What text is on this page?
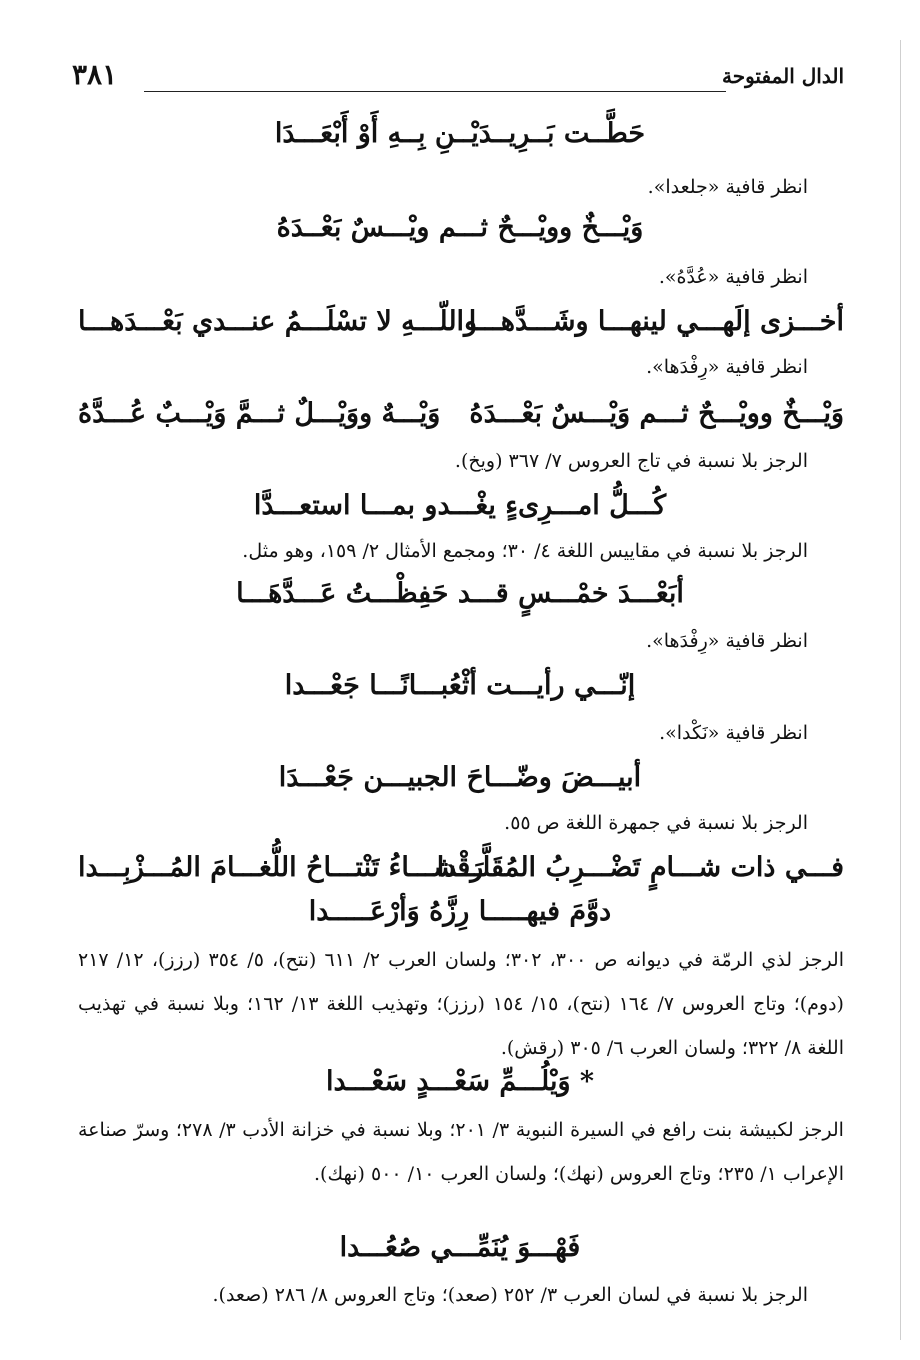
٣٨١	الدال المفتوحة
حَطَّــت بَــرِيــدَيْــنِ بِــهِ أَوْ أَبْعَـــدَا
انظر قافية «جلعدا».
وَيْـــخٌ وويْـــحٌ ثـــم ويْـــسٌ بَعْــدَهُ
انظر قافية «عُدَّهُ».
أخـــزى إلَهـــي لينهـــا وشَـــدَّهـــا
واللّـــهِ لا تسْلَـــمُ عنـــدي بَعْـــدَهـــا
انظر قافية «رِفْدَها».
وَيْـــخٌ وويْـــحٌ ثـــم وَيْـــسٌ بَعْـــدَهُ
وَيْـــهٌ ووَيْـــلٌ ثـــمَّ وَيْـــبٌ عُـــدَّهُ
الرجز بلا نسبة في تاج العروس ٧/ ٣٦٧ (ويخ).
كُـــلُّ امـــرِىءٍ يغْـــدو بمـــا استعـــدَّا
الرجز بلا نسبة في مقاييس اللغة ٤/ ٣٠؛ ومجمع الأمثال ٢/ ١٥٩، وهو مثل.
أبَعْـــدَ خمْـــسٍ قـــد حَفِظْـــتُ عَـــدَّهَـــا
انظر قافية «رِفْدَها».
إنّـــي رأيـــت أثْعُبـــانًـــا جَعْـــدا
انظر قافية «نَكْدا».
أبيـــضَ وضّـــاحَ الجبيـــن جَعْـــدَا
الرجز بلا نسبة في جمهرة اللغة ص ٥٥.
فـــي ذات شـــامٍ تَضْـــرِبُ المُقَلَّـــدا
رَقْشـــاءُ تَنْتـــاحُ اللُّغـــامَ المُـــزْبِـــدا
دوَّمَ فيهـــــا رِزَّهُ وَأرْعَـــــدا
الرجز لذي الرمّة في ديوانه ص ٣٠٠، ٣٠٢؛ ولسان العرب ٢/ ٦١١ (نتح)، ٥/ ٣٥٤ (رزز)، ١٢/ ٢١٧ (دوم)؛ وتاج العروس ٧/ ١٦٤ (نتح)، ١٥/ ١٥٤ (رزز)؛ وتهذيب اللغة ١٣/ ١٦٢؛ وبلا نسبة في تهذيب اللغة ٨/ ٣٢٢؛ ولسان العرب ٦/ ٣٠٥ (رقش).
* وَيْلُـــمِّ سَعْـــدٍ سَعْـــدا
الرجز لكبيشة بنت رافع في السيرة النبوية ٣/ ٢٠١؛ وبلا نسبة في خزانة الأدب ٣/ ٢٧٨؛ وسرّ صناعة الإعراب ١/ ٢٣٥؛ وتاج العروس (نهك)؛ ولسان العرب ١٠/ ٥٠٠ (نهك).
فَهْـــوَ يُنَمِّـــي صُعُـــدا
الرجز بلا نسبة في لسان العرب ٣/ ٢٥٢ (صعد)؛ وتاج العروس ٨/ ٢٨٦ (صعد).
